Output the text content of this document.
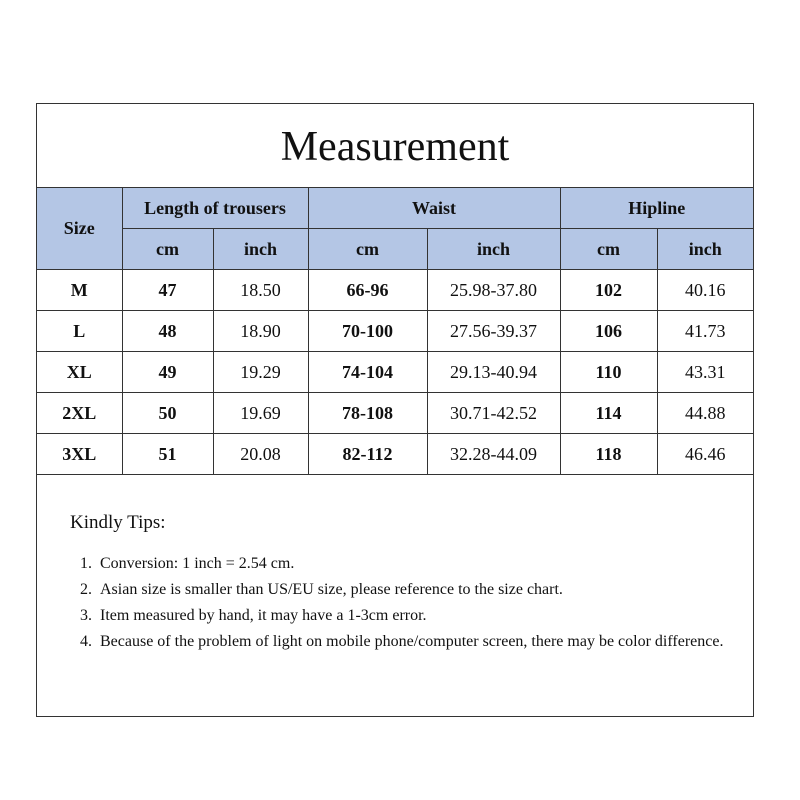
Measurement
Size	Length of trousers		Waist		Hipline	
	cm	inch	cm	inch	cm	inch
M	47	18.50	66-96	25.98-37.80	102	40.16
L	48	18.90	70-100	27.56-39.37	106	41.73
XL	49	19.29	74-104	29.13-40.94	110	43.31
2XL	50	19.69	78-108	30.71-42.52	114	44.88
3XL	51	20.08	82-112	32.28-44.09	118	46.46
Kindly Tips:
1. Conversion: 1 inch = 2.54 cm.
2. Asian size is smaller than US/EU size, please reference to the size chart.
3. Item measured by hand, it may have a 1-3cm error.
4. Because of the problem of light on mobile phone/computer screen, there may be color difference.
